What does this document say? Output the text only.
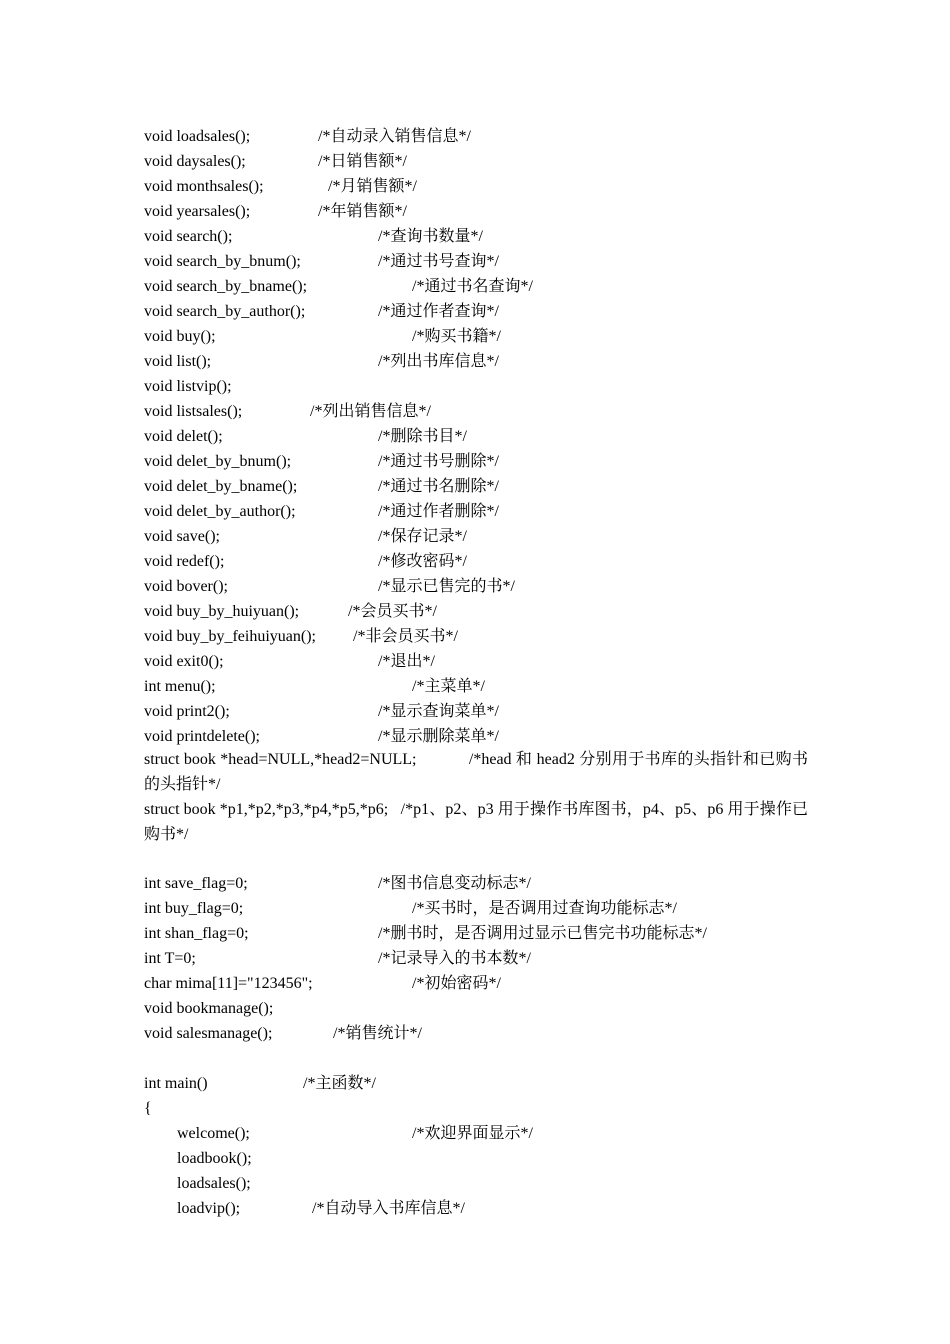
void loadsales();	/*自动录入销售信息*/
void daysales();	/*日销售额*/
void monthsales();	/*月销售额*/
void yearsales();	/*年销售额*/
void search();	/*查询书数量*/
void search_by_bnum();	/*通过书号查询*/
void search_by_bname();	/*通过书名查询*/
void search_by_author();	/*通过作者查询*/
void buy();	/*购买书籍*/
void list();	/*列出书库信息*/
void listvip();
void listsales();	/*列出销售信息*/
void delet();	/*删除书目*/
void delet_by_bnum();	/*通过书号删除*/
void delet_by_bname();	/*通过书名删除*/
void delet_by_author();	/*通过作者删除*/
void save();	/*保存记录*/
void redef();	/*修改密码*/
void bover();	/*显示已售完的书*/
void buy_by_huiyuan();	/*会员买书*/
void buy_by_feihuiyuan(); /*非会员买书*/
void exit0();	/*退出*/
int menu();	/*主菜单*/
void print2();	/*显示查询菜单*/
void printdelete();	/*显示删除菜单*/
struct book *head=NULL,*head2=NULL;            /*head 和 head2 分别用于书库的头指针和已购书的头指针*/
struct book *p1,*p2,*p3,*p4,*p5,*p6;   /*p1、p2、p3 用于操作书库图书，p4、p5、p6 用于操作已购书*/
int save_flag=0;	/*图书信息变动标志*/
int buy_flag=0;	/*买书时，是否调用过查询功能标志*/
int shan_flag=0;	/*删书时，是否调用过显示已售完书功能标志*/
int T=0;	/*记录导入的书本数*/
char mima[11]="123456";	/*初始密码*/
void bookmanage();
void salesmanage();	/*销售统计*/
int main()	/*主函数*/
{
welcome();	/*欢迎界面显示*/
loadbook();
loadsales();
loadvip();	/*自动导入书库信息*/
